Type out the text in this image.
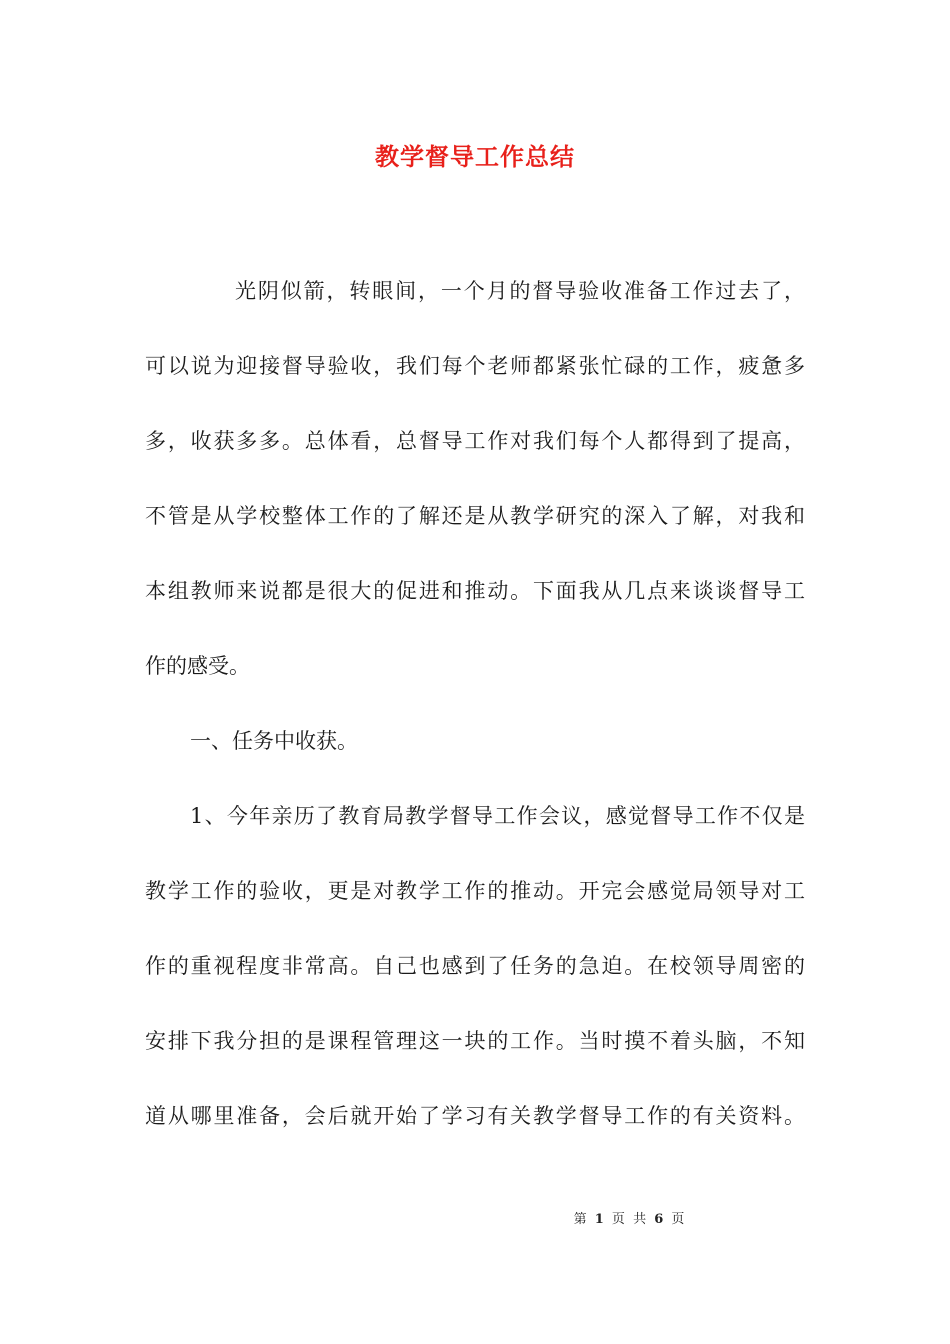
教学督导工作总结

光阴似箭，转眼间，一个月的督导验收准备工作过去了，

可以说为迎接督导验收，我们每个老师都紧张忙碌的工作，疲惫多

多，收获多多。总体看，总督导工作对我们每个人都得到了提高，

不管是从学校整体工作的了解还是从教学研究的深入了解，对我和

本组教师来说都是很大的促进和推动。下面我从几点来谈谈督导工

作的感受。

一、任务中收获。

1、今年亲历了教育局教学督导工作会议，感觉督导工作不仅是

教学工作的验收，更是对教学工作的推动。开完会感觉局领导对工

作的重视程度非常高。自己也感到了任务的急迫。在校领导周密的

安排下我分担的是课程管理这一块的工作。当时摸不着头脑，不知

道从哪里准备，会后就开始了学习有关教学督导工作的有关资料。

第 1 页 共 6 页
